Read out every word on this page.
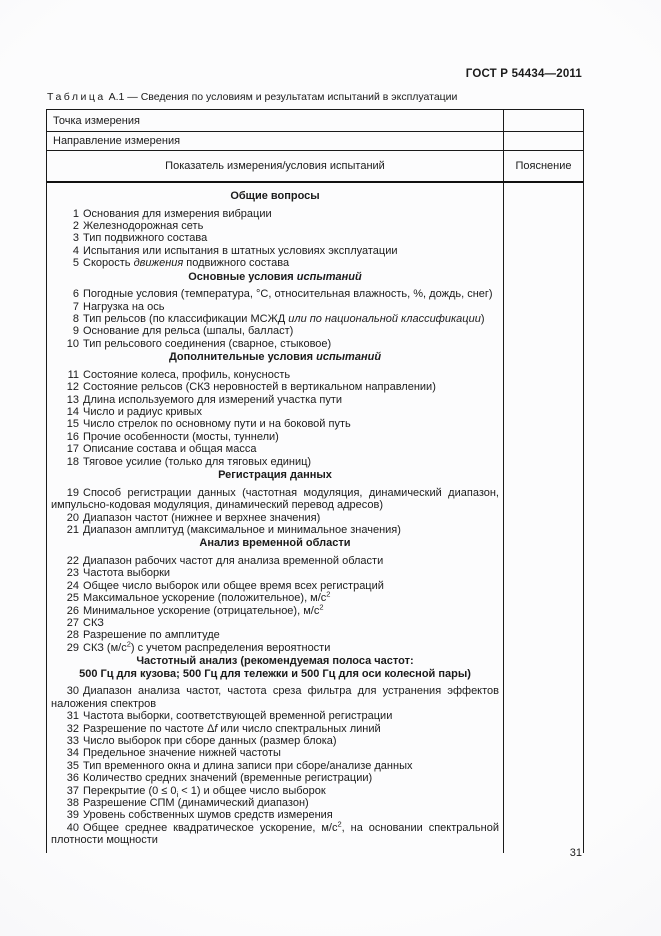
ГОСТ Р 54434—2011
Таблица А.1 — Сведения по условиям и результатам испытаний в эксплуатации
Точка измерения
Направление измерения
Показатель измерения/условия испытаний	Пояснение
Общие вопросы

1 Основания для измерения вибрации

2 Железнодорожная сеть

3 Тип подвижного состава

4 Испытания или испытания в штатных условиях эксплуатации

5 Скорость движения подвижного состава

Основные условия испытаний

6 Погодные условия (температура, °С, относительная влажность, %, дождь, снег)

7 Нагрузка на ось

8 Тип рельсов (по классификации МСЖД или по национальной классификации)

9 Основание для рельса (шпалы, балласт)

10 Тип рельсового соединения (сварное, стыковое)

Дополнительные условия испытаний

11 Состояние колеса, профиль, конусность

12 Состояние рельсов (СКЗ неровностей в вертикальном направлении)

13 Длина используемого для измерений участка пути

14 Число и радиус кривых

15 Число стрелок по основному пути и на боковой путь

16 Прочие особенности (мосты, туннели)

17 Описание состава и общая масса

18 Тяговое усилие (только для тяговых единиц)

Регистрация данных

19 Способ регистрации данных (частотная модуляция, динамический диапазон, импульсно-кодовая модуляция, динамический перевод адресов)

20 Диапазон частот (нижнее и верхнее значения)

21 Диапазон амплитуд (максимальное и минимальное значения)

Анализ временной области

22 Диапазон рабочих частот для анализа временной области

23 Частота выборки

24 Общее число выборок или общее время всех регистраций

25 Максимальное ускорение (положительное), $м/с^2$

26 Минимальное ускорение (отрицательное), $м/с^2$

27 СКЗ

28 Разрешение по амплитуде

29 СКЗ $(м/с^2)$ с учетом распределения вероятности

Частотный анализ (рекомендуемая полоса частот:
500 Гц для кузова; 500 Гц для тележки и 500 Гц для оси колесной пары)

30 Диапазон анализа частот, частота среза фильтра для устранения эффектов наложения спектров

31 Частота выборки, соответствующей временной регистрации

32 Разрешение по частоте Δf или число спектральных линий

33 Число выборок при сборе данных (размер блока)

34 Предельное значение нижней частоты

35 Тип временного окна и длина записи при сборе/анализе данных

36 Количество средних значений (временные регистрации)

37 Перекрытие $(0 \le 0_i < 1)$ и общее число выборок

38 Разрешение СПМ (динамический диапазон)

39 Уровень собственных шумов средств измерения

40 Общее среднее квадратическое ускорение, $м/с^2$, на основании спектральной плотности мощности

31
